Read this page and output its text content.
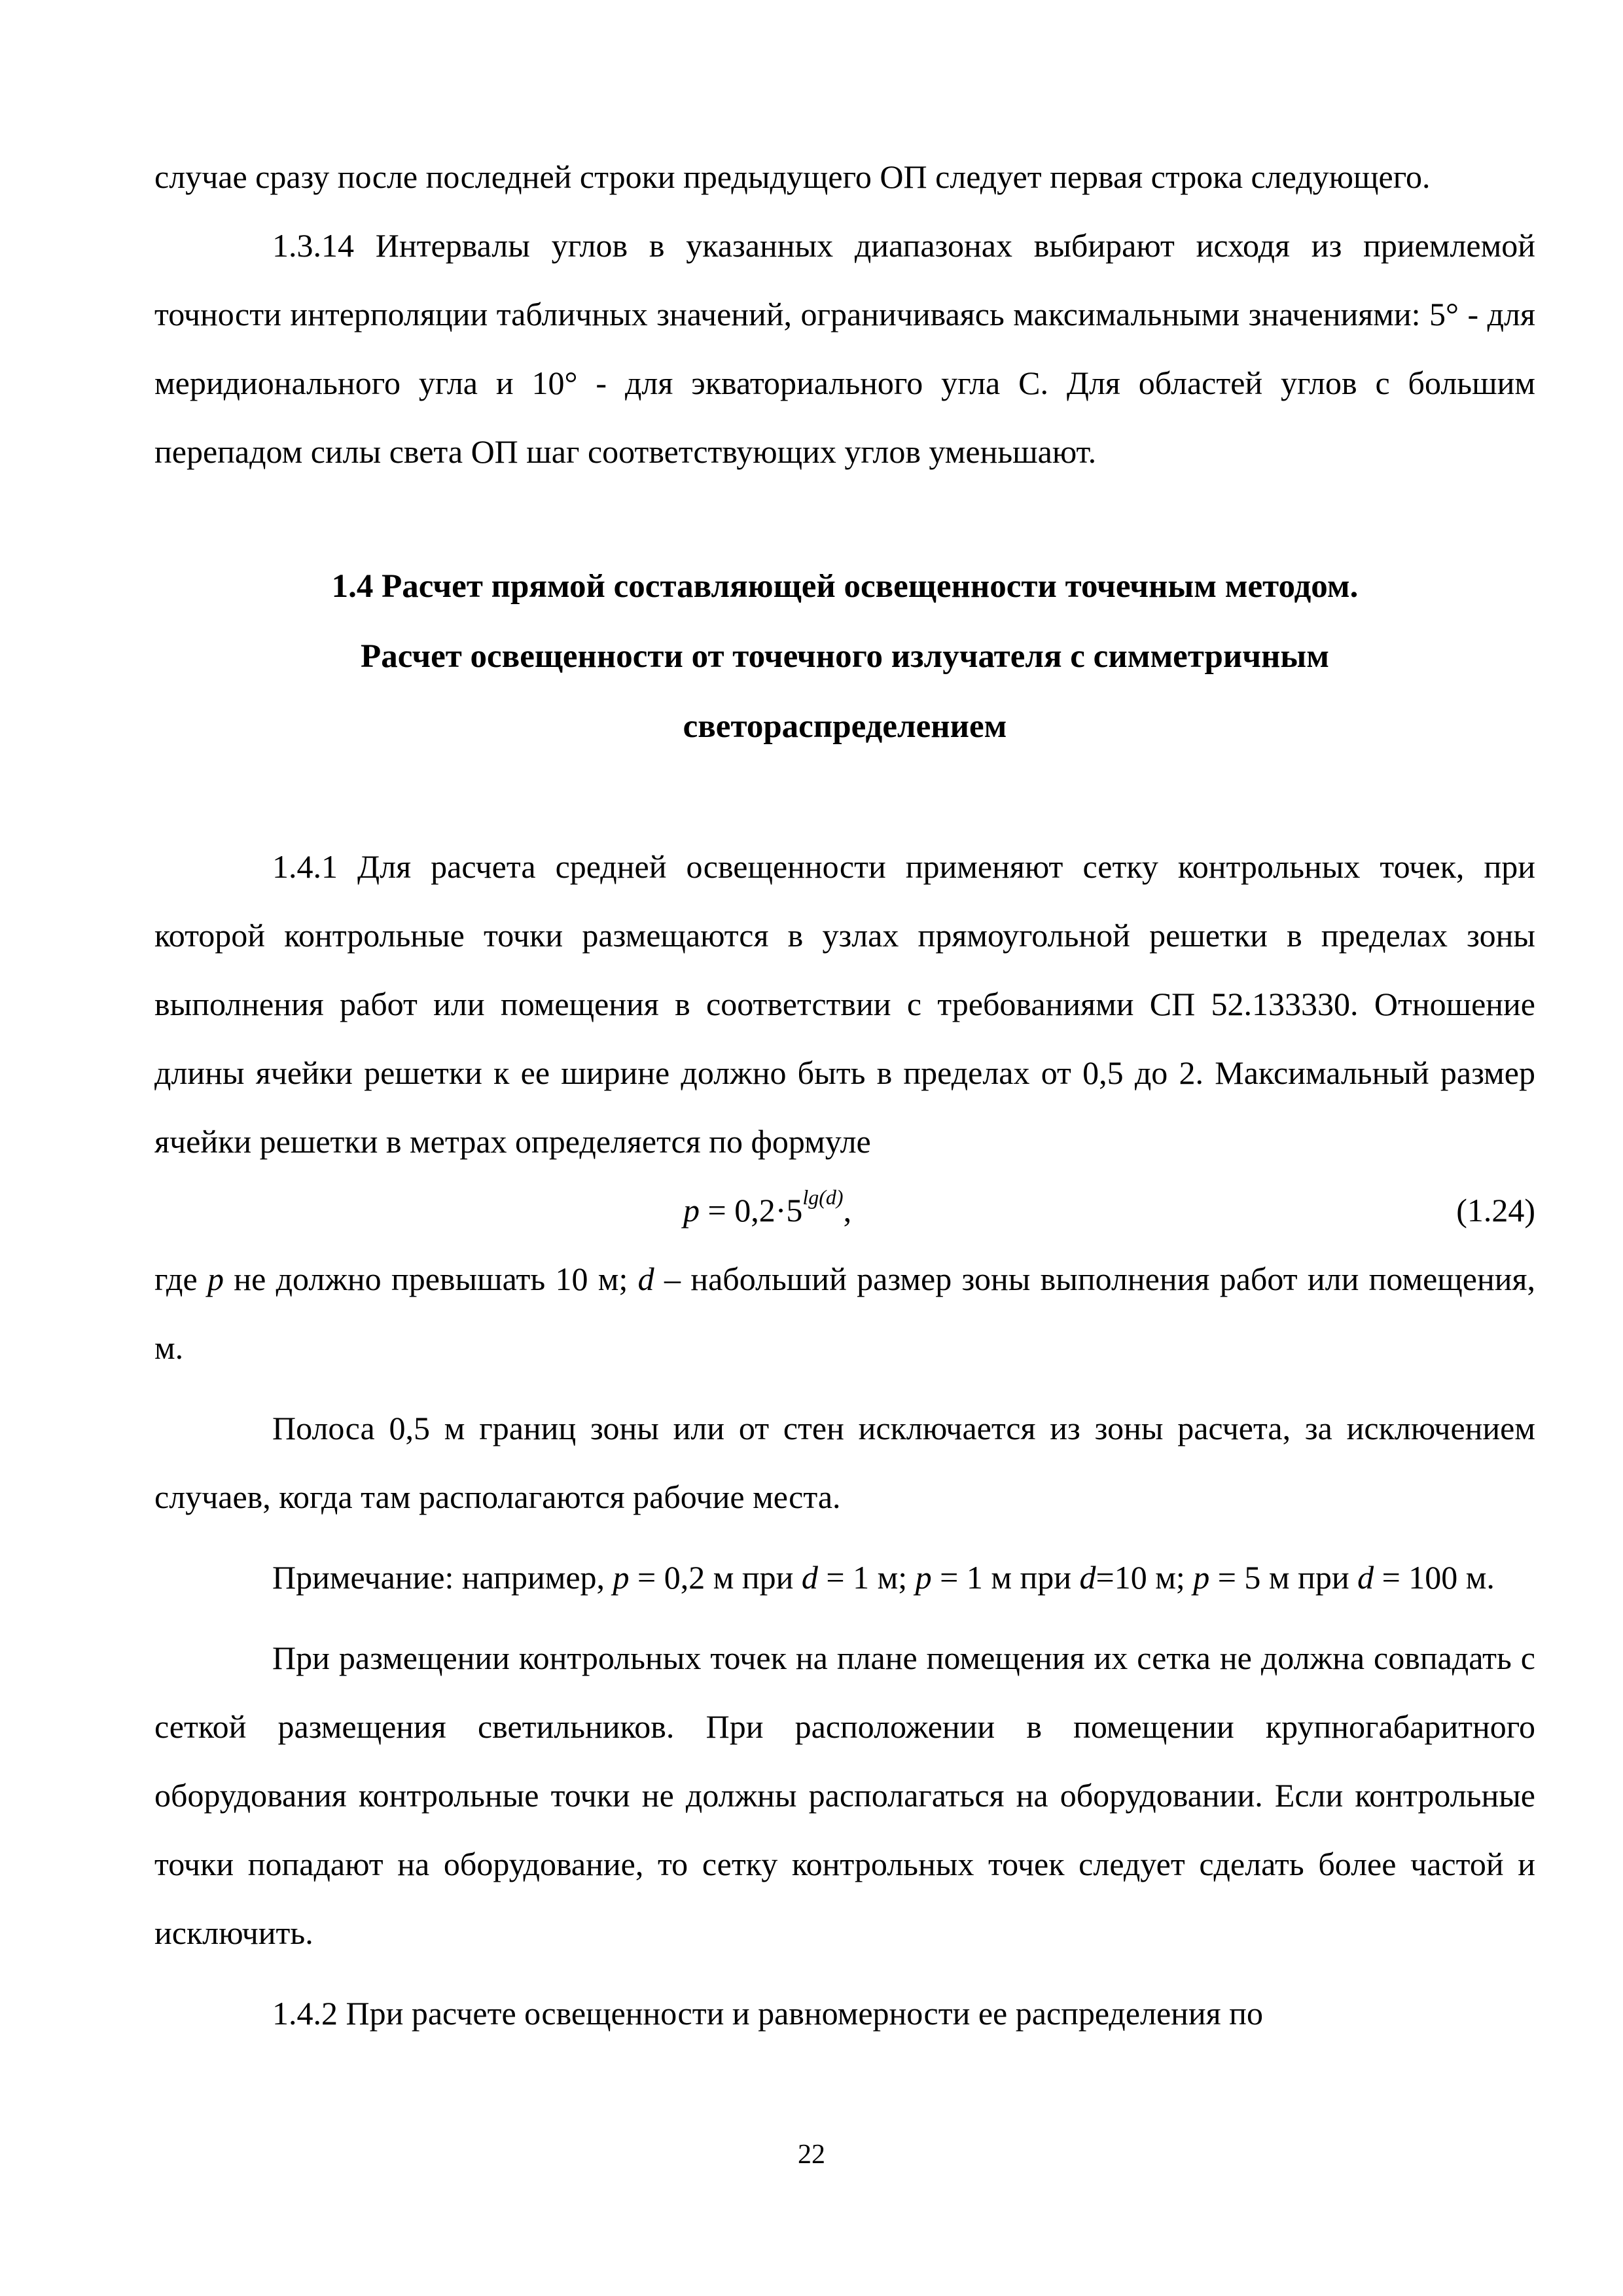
случае сразу после последней строки предыдущего ОП следует первая строка следующего.

1.3.14 Интервалы углов в указанных диапазонах выбирают исходя из приемлемой точности интерполяции табличных значений, ограничиваясь максимальными значениями: 5° - для меридионального угла и 10° - для экваториального угла С. Для областей углов с большим перепадом силы света ОП шаг соответствующих углов уменьшают.

1.4 Расчет прямой составляющей освещенности точечным методом.
Расчет освещенности от точечного излучателя с симметричным
светораспределением

1.4.1 Для расчета средней освещенности применяют сетку контрольных точек, при которой контрольные точки размещаются в узлах прямоугольной решетки в пределах зоны выполнения работ или помещения в соответствии с требованиями СП 52.133330. Отношение длины ячейки решетки к ее ширине должно быть в пределах от 0,5 до 2. Максимальный размер ячейки решетки в метрах определяется по формуле

$p = 0,2\cdot 5^{lg(d)}$,	(1.24)

где p не должно превышать 10 м; d – набольший размер зоны выполнения работ или помещения, м.

Полоса 0,5 м границ зоны или от стен исключается из зоны расчета, за исключением случаев, когда там располагаются рабочие места.

Примечание: например, p = 0,2 м при d = 1 м; p = 1 м при d=10 м; p = 5 м при d = 100 м.

При размещении контрольных точек на плане помещения их сетка не должна совпадать с сеткой размещения светильников. При расположении в помещении крупногабаритного оборудования контрольные точки не должны располагаться на оборудовании. Если контрольные точки попадают на оборудование, то сетку контрольных точек следует сделать более частой и исключить.

1.4.2 При расчете освещенности и равномерности ее распределения по

22
